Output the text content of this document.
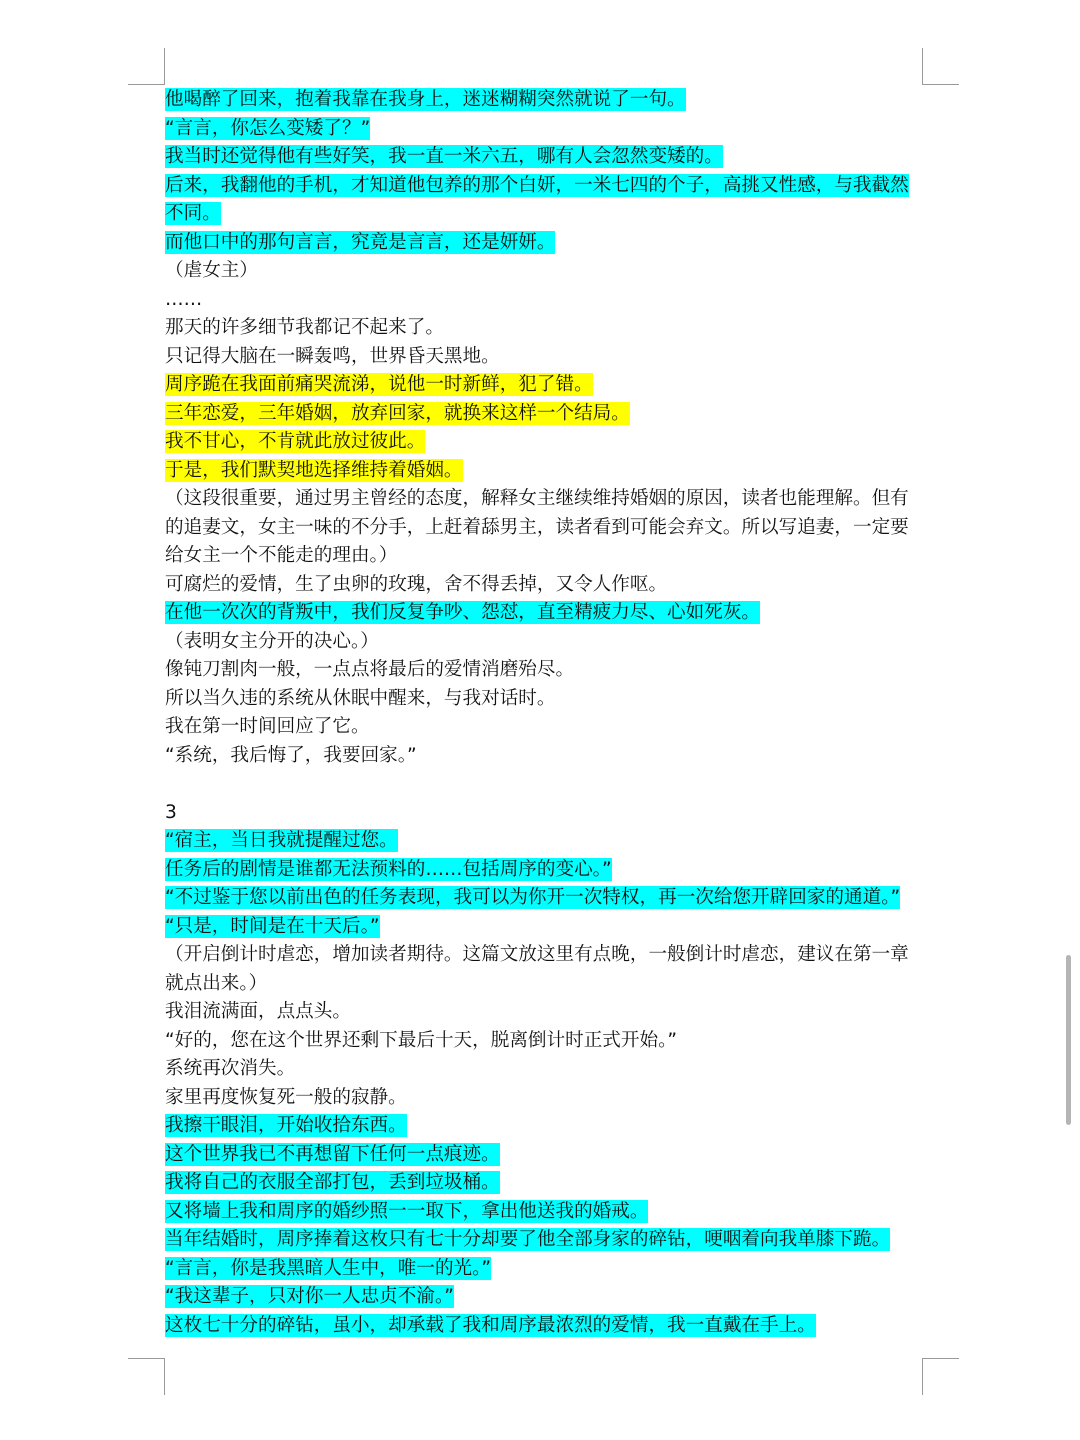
他喝醉了回来，抱着我靠在我身上，迷迷糊糊突然就说了一句。

“言言，你怎么变矮了？”

我当时还觉得他有些好笑，我一直一米六五，哪有人会忽然变矮的。

后来，我翻他的手机，才知道他包养的那个白妍，一米七四的个子，高挑又性感，与我截然不同。

而他口中的那句言言，究竟是言言，还是妍妍。

（虐女主）

……

那天的许多细节我都记不起来了。

只记得大脑在一瞬轰鸣，世界昏天黑地。

周序跪在我面前痛哭流涕，说他一时新鲜，犯了错。

三年恋爱，三年婚姻，放弃回家，就换来这样一个结局。

我不甘心，不肯就此放过彼此。

于是，我们默契地选择维持着婚姻。

（这段很重要，通过男主曾经的态度，解释女主继续维持婚姻的原因，读者也能理解。但有的追妻文，女主一味的不分手，上赶着舔男主，读者看到可能会弃文。所以写追妻，一定要给女主一个不能走的理由。）

可腐烂的爱情，生了虫卵的玫瑰，舍不得丢掉，又令人作呕。

在他一次次的背叛中，我们反复争吵、怨怼，直至精疲力尽、心如死灰。

（表明女主分开的决心。）

像钝刀割肉一般，一点点将最后的爱情消磨殆尽。

所以当久违的系统从休眠中醒来，与我对话时。

我在第一时间回应了它。

“系统，我后悔了，我要回家。”

3

“宿主，当日我就提醒过您。

任务后的剧情是谁都无法预料的……包括周序的变心。”

“不过鉴于您以前出色的任务表现，我可以为你开一次特权，再一次给您开辟回家的通道。”

“只是，时间是在十天后。”

（开启倒计时虐恋，增加读者期待。这篇文放这里有点晚，一般倒计时虐恋，建议在第一章就点出来。）

我泪流满面，点点头。

“好的，您在这个世界还剩下最后十天，脱离倒计时正式开始。”

系统再次消失。

家里再度恢复死一般的寂静。

我擦干眼泪，开始收拾东西。

这个世界我已不再想留下任何一点痕迹。

我将自己的衣服全部打包，丢到垃圾桶。

又将墙上我和周序的婚纱照一一取下，拿出他送我的婚戒。

当年结婚时，周序捧着这枚只有七十分却要了他全部身家的碎钻，哽咽着向我单膝下跪。

“言言，你是我黑暗人生中，唯一的光。”

“我这辈子，只对你一人忠贞不渝。”

这枚七十分的碎钻，虽小，却承载了我和周序最浓烈的爱情，我一直戴在手上。
